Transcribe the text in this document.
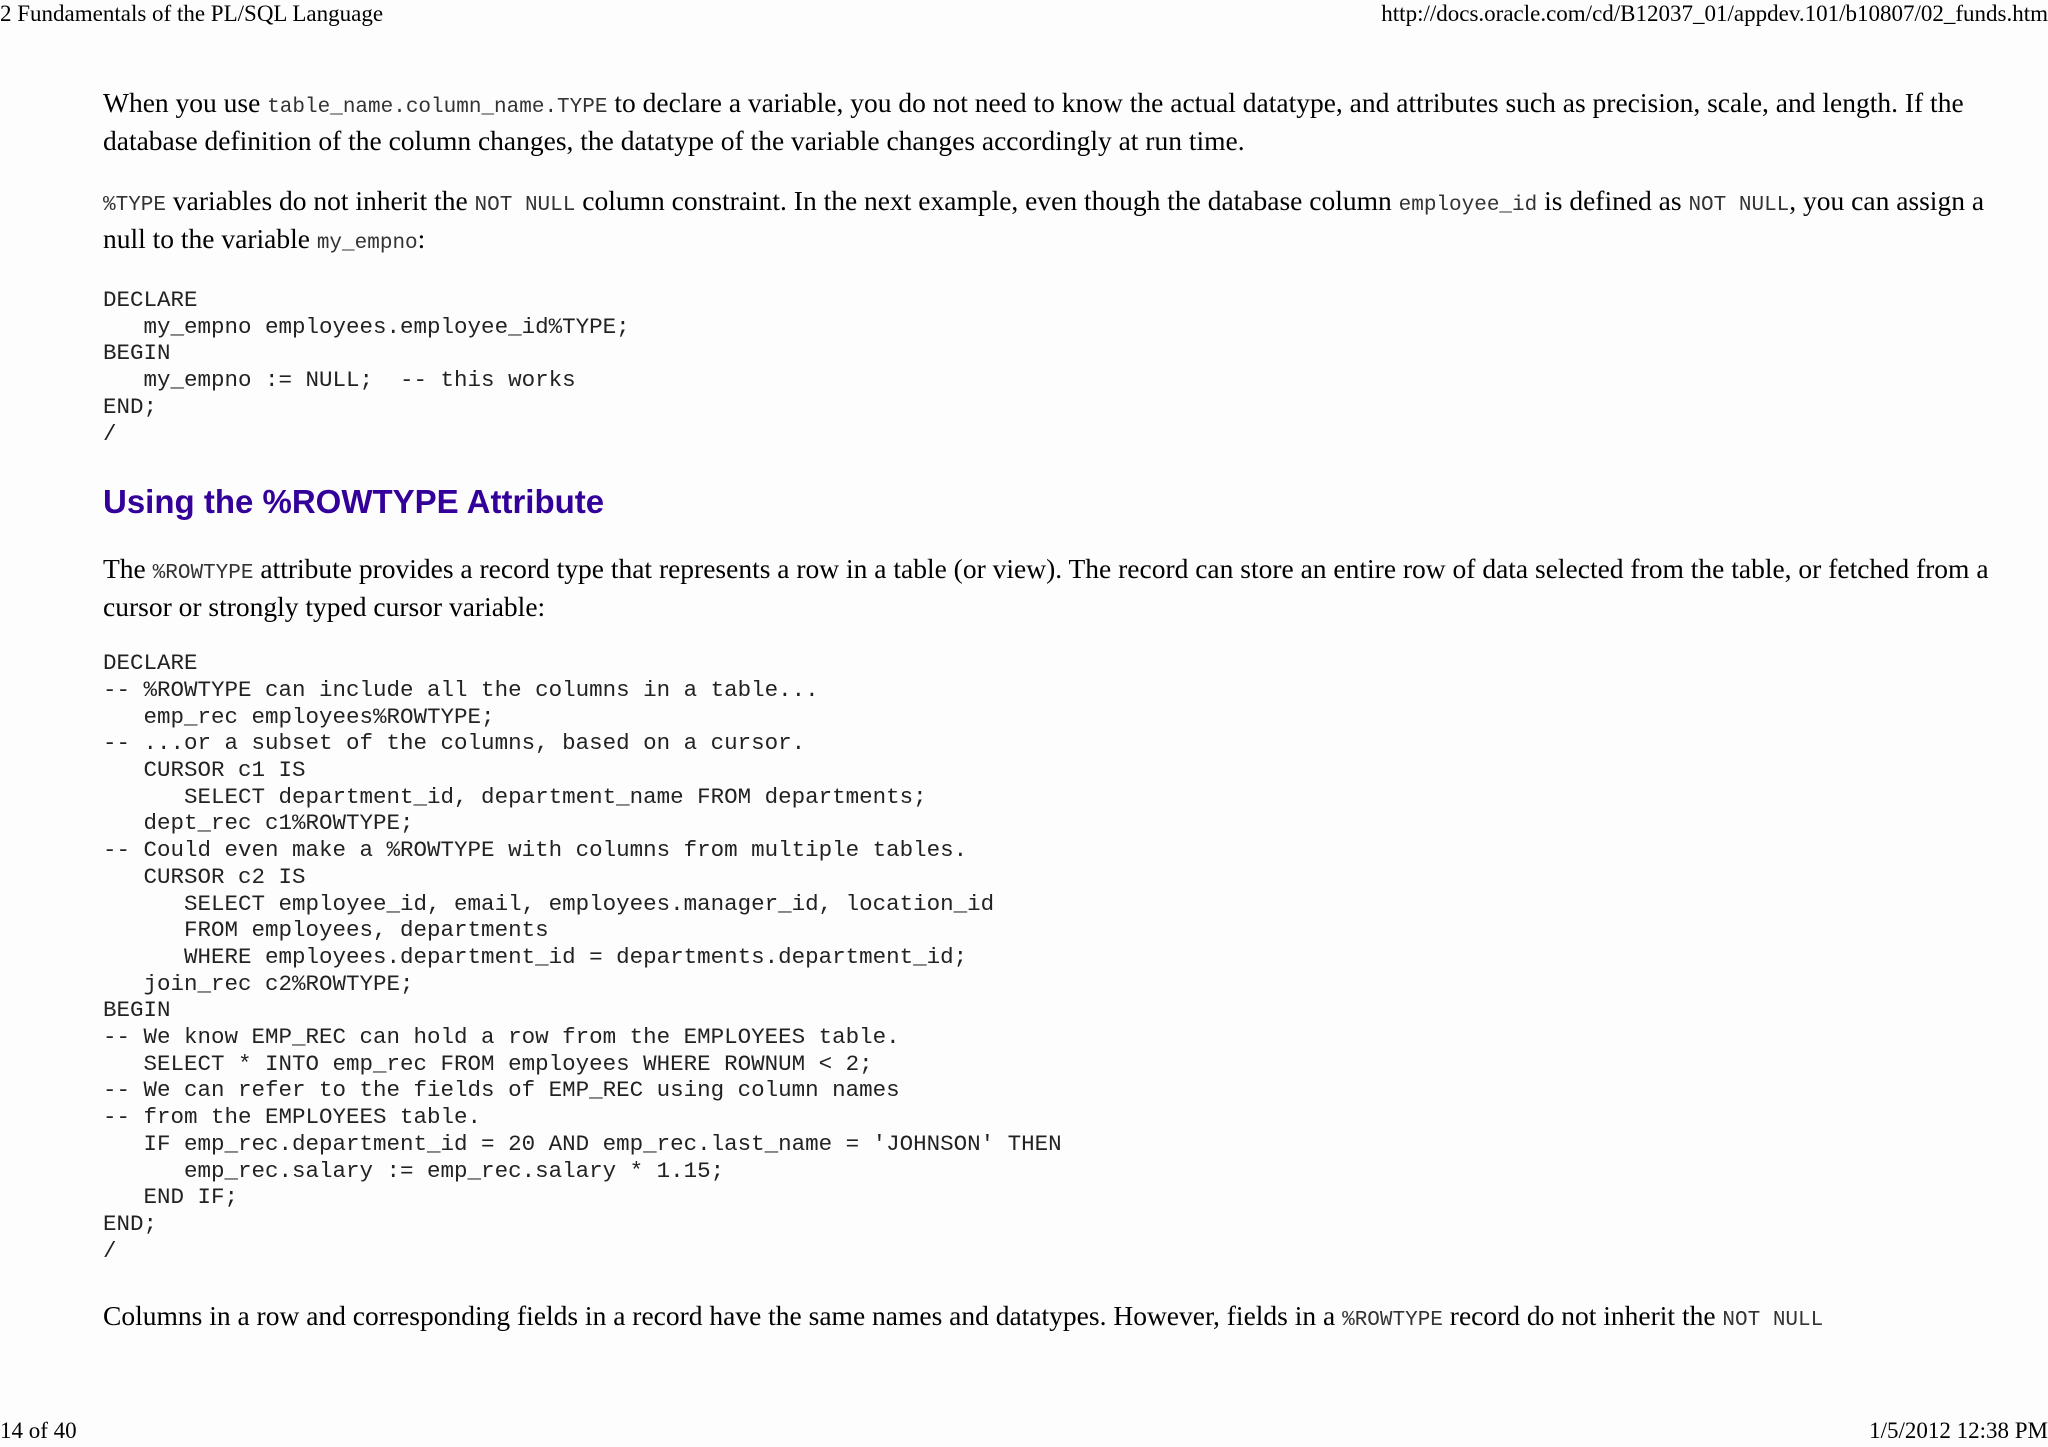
2 Fundamentals of the PL/SQL Language	http://docs.oracle.com/cd/B12037_01/appdev.101/b10807/02_funds.htm

When you use table_name.column_name.TYPE to declare a variable, you do not need to know the actual datatype, and attributes such as precision, scale, and length. If the database definition of the column changes, the datatype of the variable changes accordingly at run time.

%TYPE variables do not inherit the NOT NULL column constraint. In the next example, even though the database column employee_id is defined as NOT NULL, you can assign a null to the variable my_empno:

DECLARE
my_empno employees.employee_id%TYPE;
BEGIN
my_empno := NULL;  -- this works
END;
/
Using the %ROWTYPE Attribute

The %ROWTYPE attribute provides a record type that represents a row in a table (or view). The record can store an entire row of data selected from the table, or fetched from a cursor or strongly typed cursor variable:

DECLARE
-- %ROWTYPE can include all the columns in a table...
emp_rec employees%ROWTYPE;
-- ...or a subset of the columns, based on a cursor.
CURSOR c1 IS
SELECT department_id, department_name FROM departments;
dept_rec c1%ROWTYPE;
-- Could even make a %ROWTYPE with columns from multiple tables.
CURSOR c2 IS
SELECT employee_id, email, employees.manager_id, location_id
FROM employees, departments
WHERE employees.department_id = departments.department_id;
join_rec c2%ROWTYPE;
BEGIN
-- We know EMP_REC can hold a row from the EMPLOYEES table.
SELECT * INTO emp_rec FROM employees WHERE ROWNUM < 2;
-- We can refer to the fields of EMP_REC using column names
-- from the EMPLOYEES table.
IF emp_rec.department_id = 20 AND emp_rec.last_name = 'JOHNSON' THEN
emp_rec.salary := emp_rec.salary * 1.15;
END IF;
END;
/

Columns in a row and corresponding fields in a record have the same names and datatypes. However, fields in a %ROWTYPE record do not inherit the NOT NULL

14 of 40	1/5/2012 12:38 PM
